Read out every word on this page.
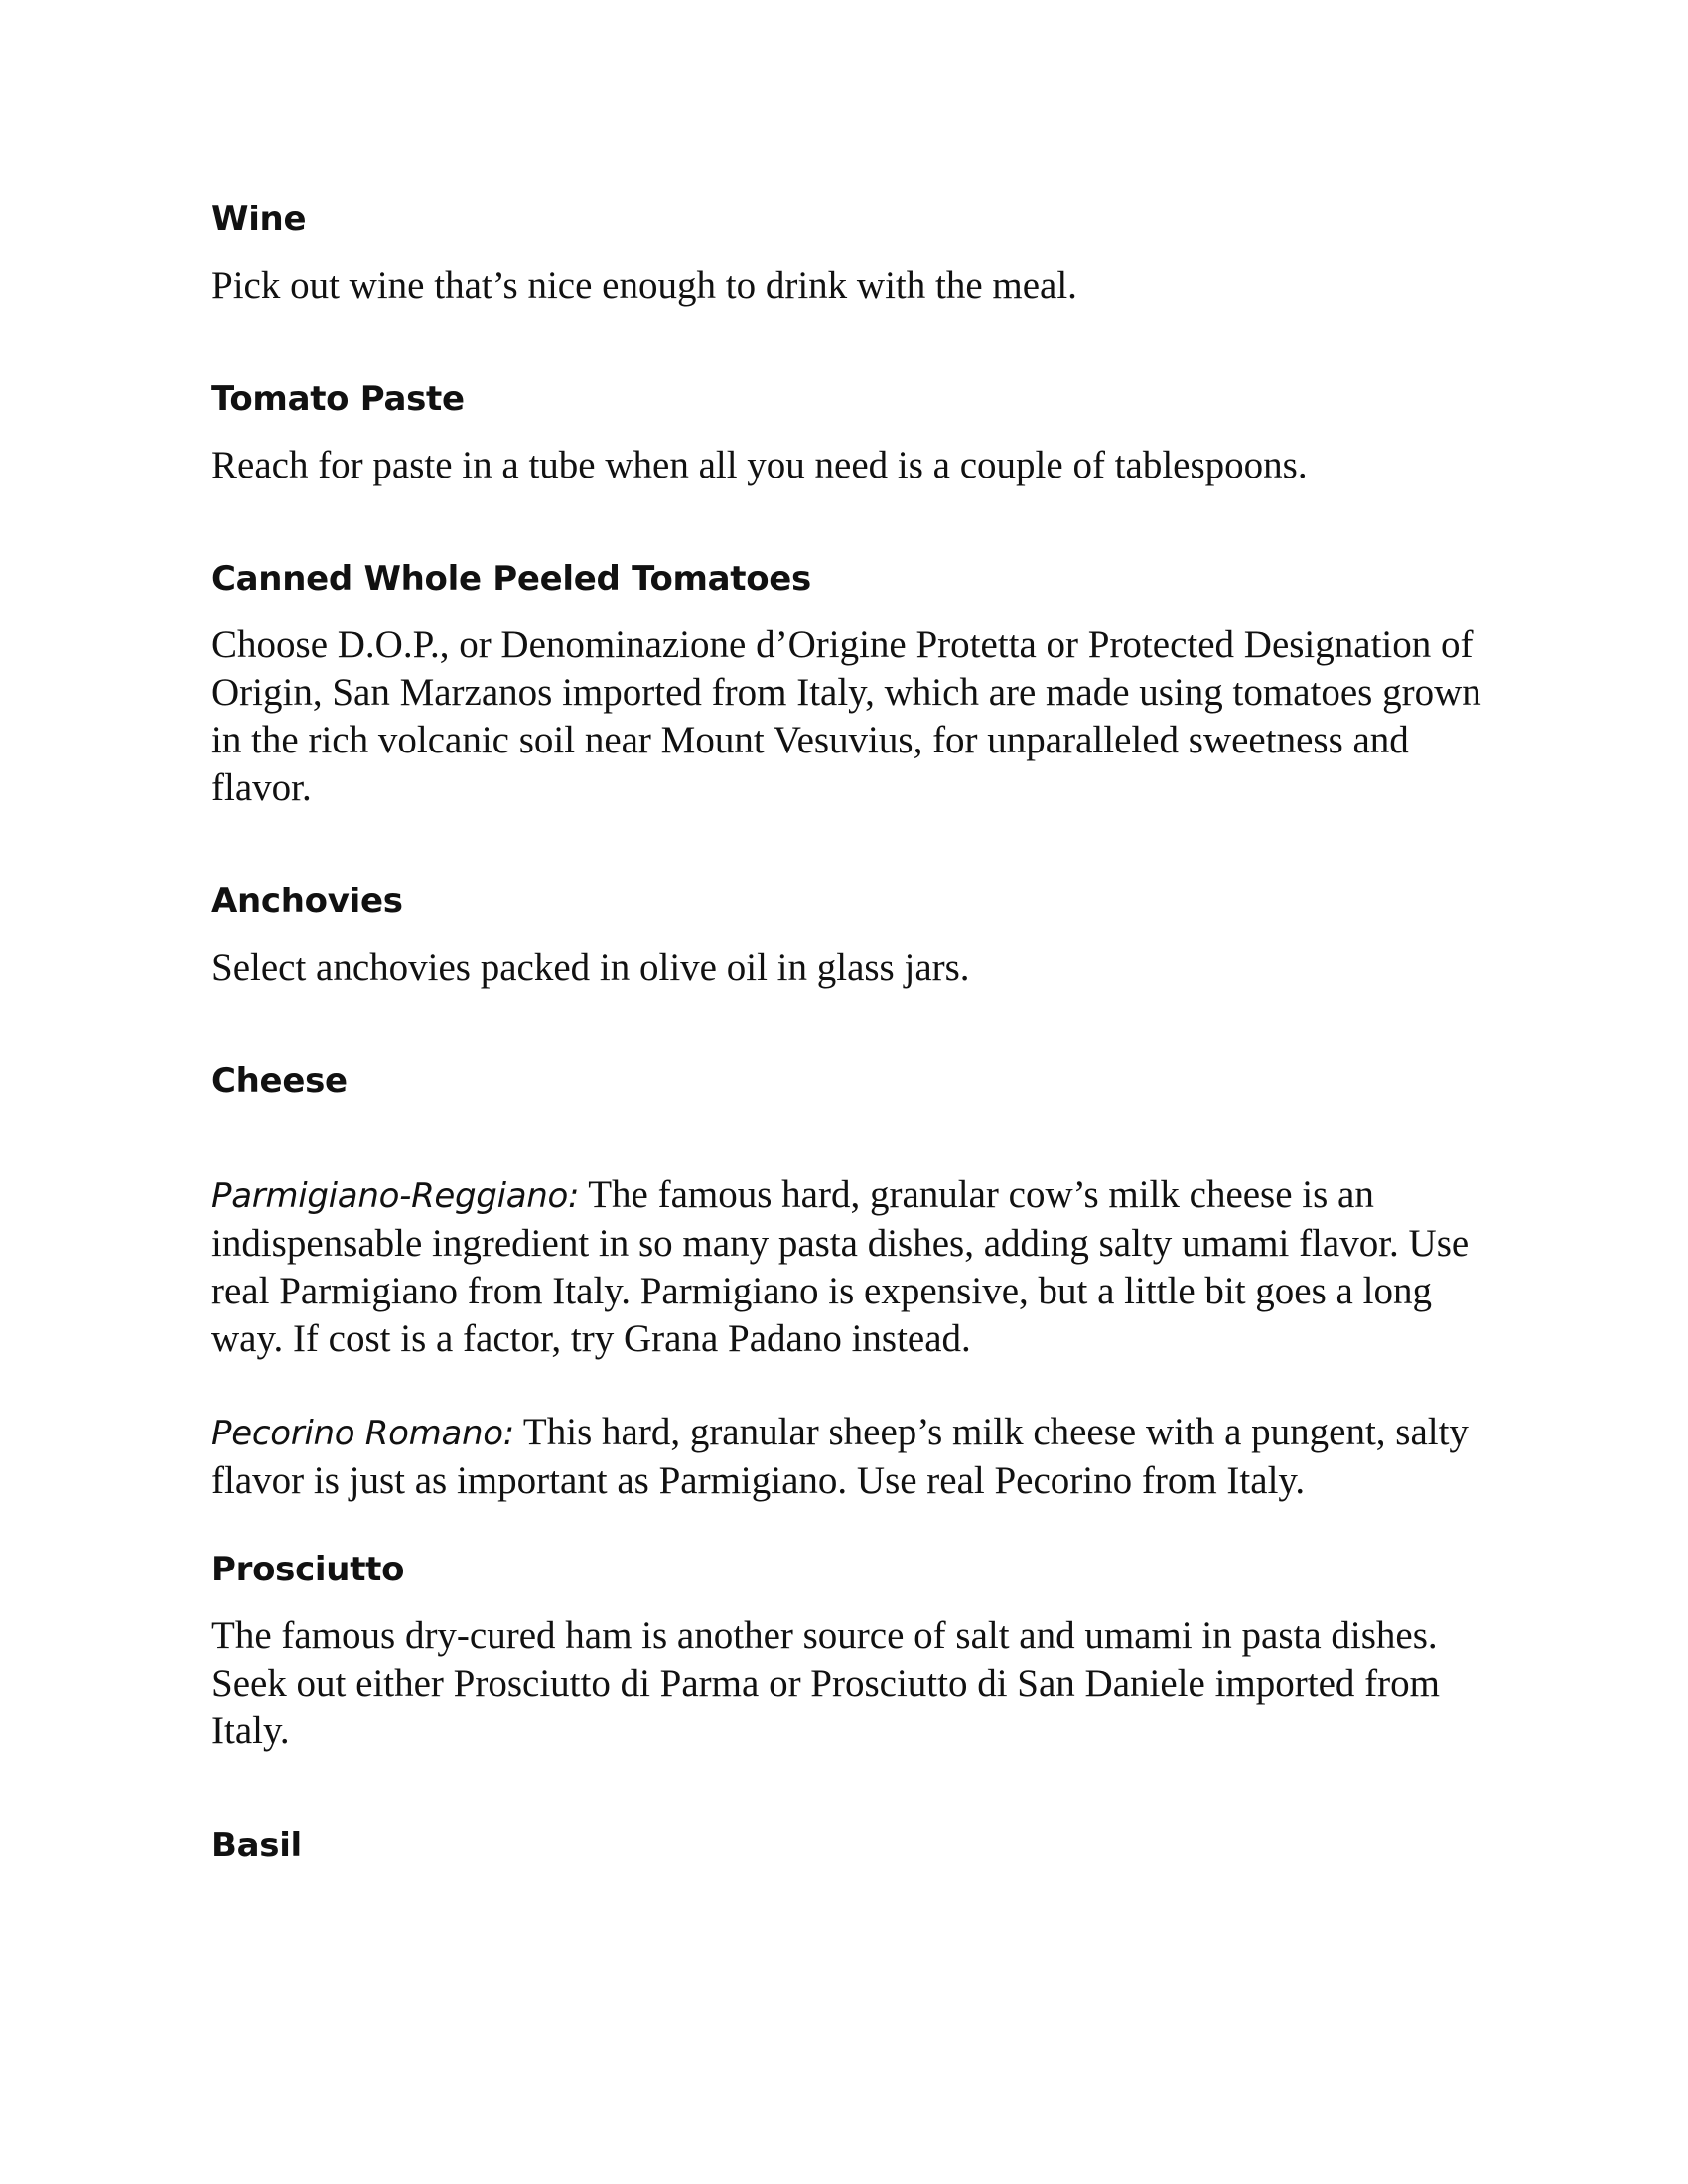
Wine

Pick out wine that’s nice enough to drink with the meal.

Tomato Paste

Reach for paste in a tube when all you need is a couple of tablespoons.

Canned Whole Peeled Tomatoes

Choose D.O.P., or Denominazione d’Origine Protetta or Protected Designation of Origin, San Marzanos imported from Italy, which are made using tomatoes grown in the rich volcanic soil near Mount Vesuvius, for unparalleled sweetness and flavor.

Anchovies

Select anchovies packed in olive oil in glass jars.

Cheese

Parmigiano-Reggiano: The famous hard, granular cow’s milk cheese is an indispensable ingredient in so many pasta dishes, adding salty umami flavor. Use real Parmigiano from Italy. Parmigiano is expensive, but a little bit goes a long way. If cost is a factor, try Grana Padano instead.

Pecorino Romano: This hard, granular sheep’s milk cheese with a pungent, salty flavor is just as important as Parmigiano. Use real Pecorino from Italy.

Prosciutto

The famous dry-cured ham is another source of salt and umami in pasta dishes. Seek out either Prosciutto di Parma or Prosciutto di San Daniele imported from Italy.

Basil
